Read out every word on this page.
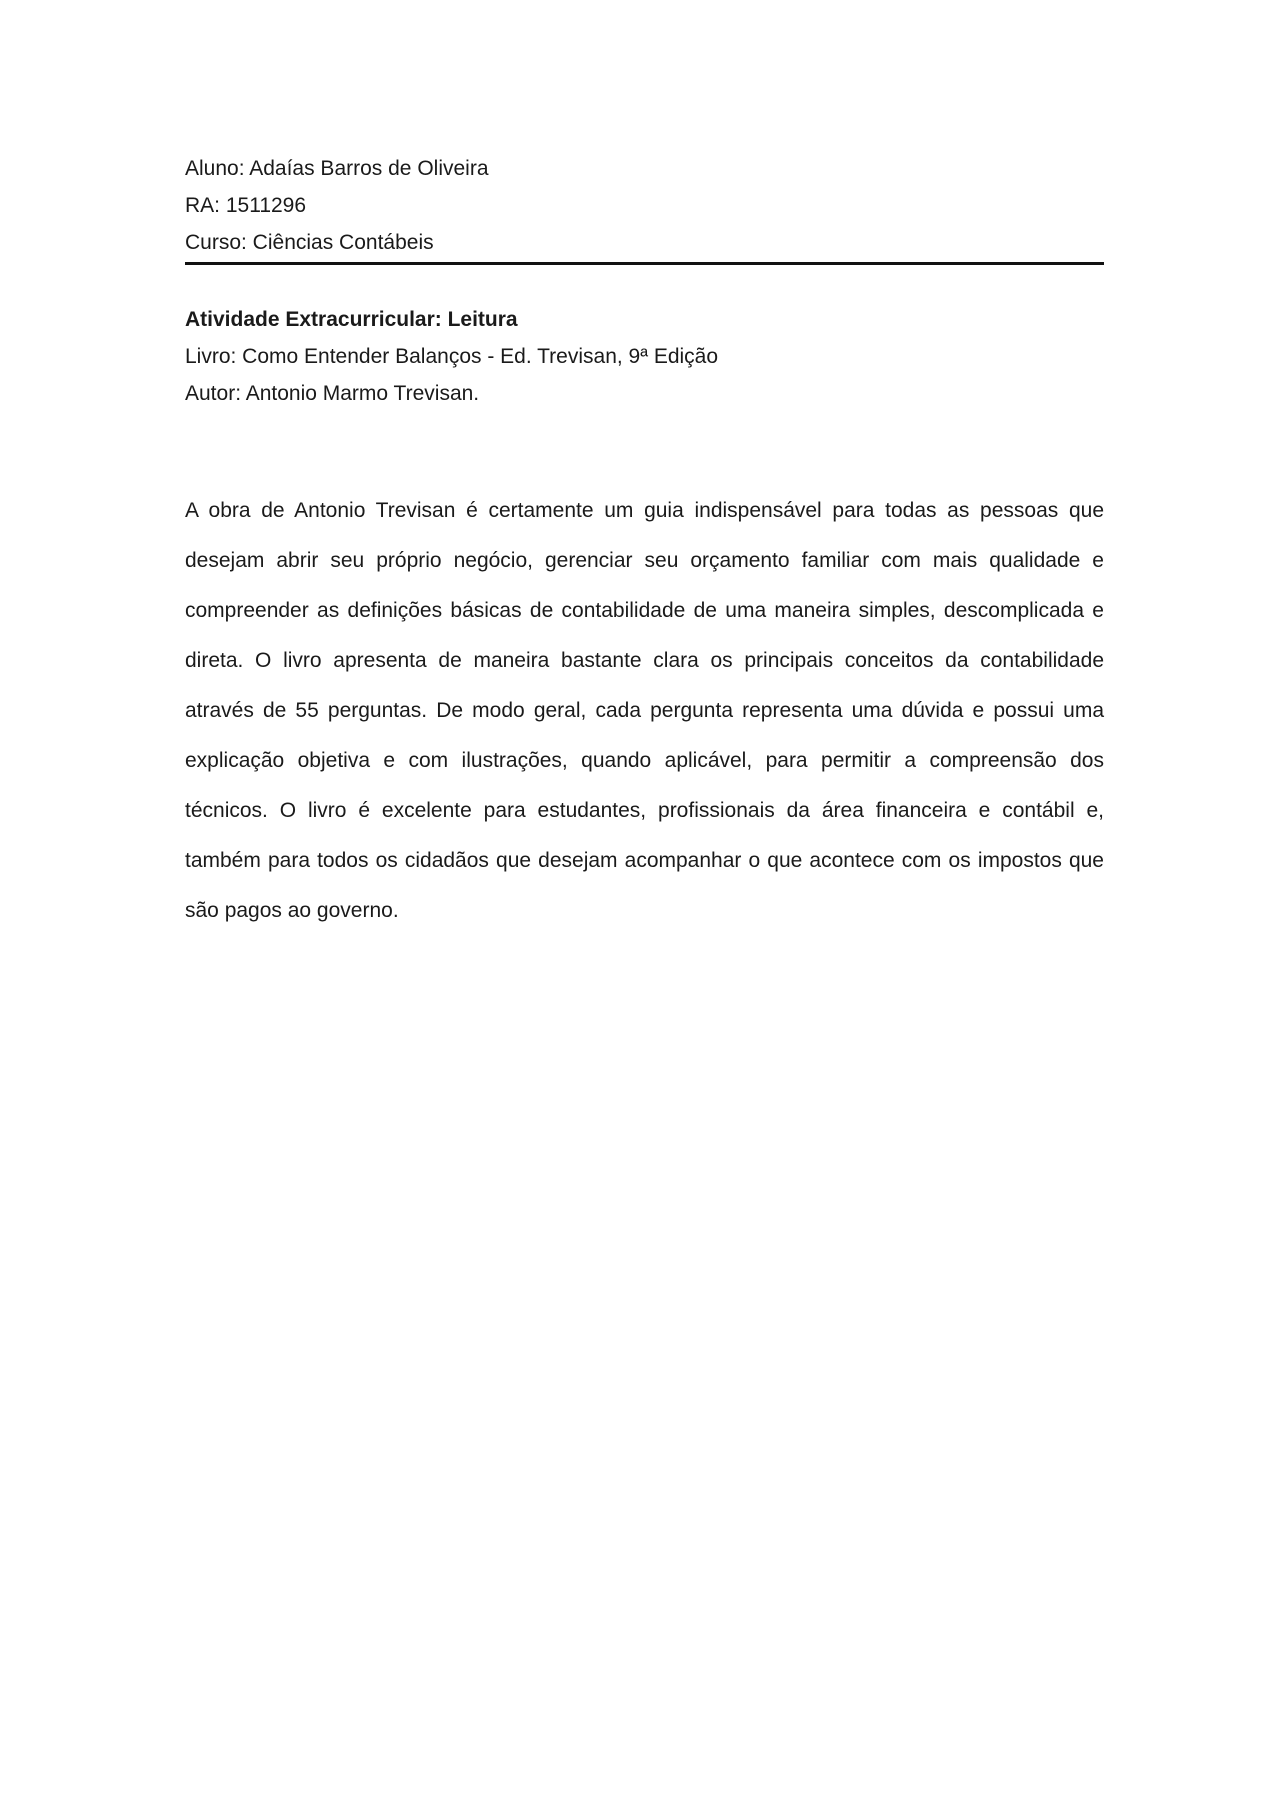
Aluno: Adaías Barros de Oliveira
RA: 1511296
Curso: Ciências Contábeis
Atividade Extracurricular: Leitura
Livro: Como Entender Balanços - Ed. Trevisan, 9ª Edição
Autor: Antonio Marmo Trevisan.

A obra de Antonio Trevisan é certamente um guia indispensável para todas as pessoas que desejam abrir seu próprio negócio, gerenciar seu orçamento familiar com mais qualidade e compreender as definições básicas de contabilidade de uma maneira simples, descomplicada e direta. O livro apresenta de maneira bastante clara os principais conceitos da contabilidade através de 55 perguntas. De modo geral, cada pergunta representa uma dúvida e possui uma explicação objetiva e com ilustrações, quando aplicável, para permitir a compreensão dos técnicos. O livro é excelente para estudantes, profissionais da área financeira e contábil e, também para todos os cidadãos que desejam acompanhar o que acontece com os impostos que são pagos ao governo.
